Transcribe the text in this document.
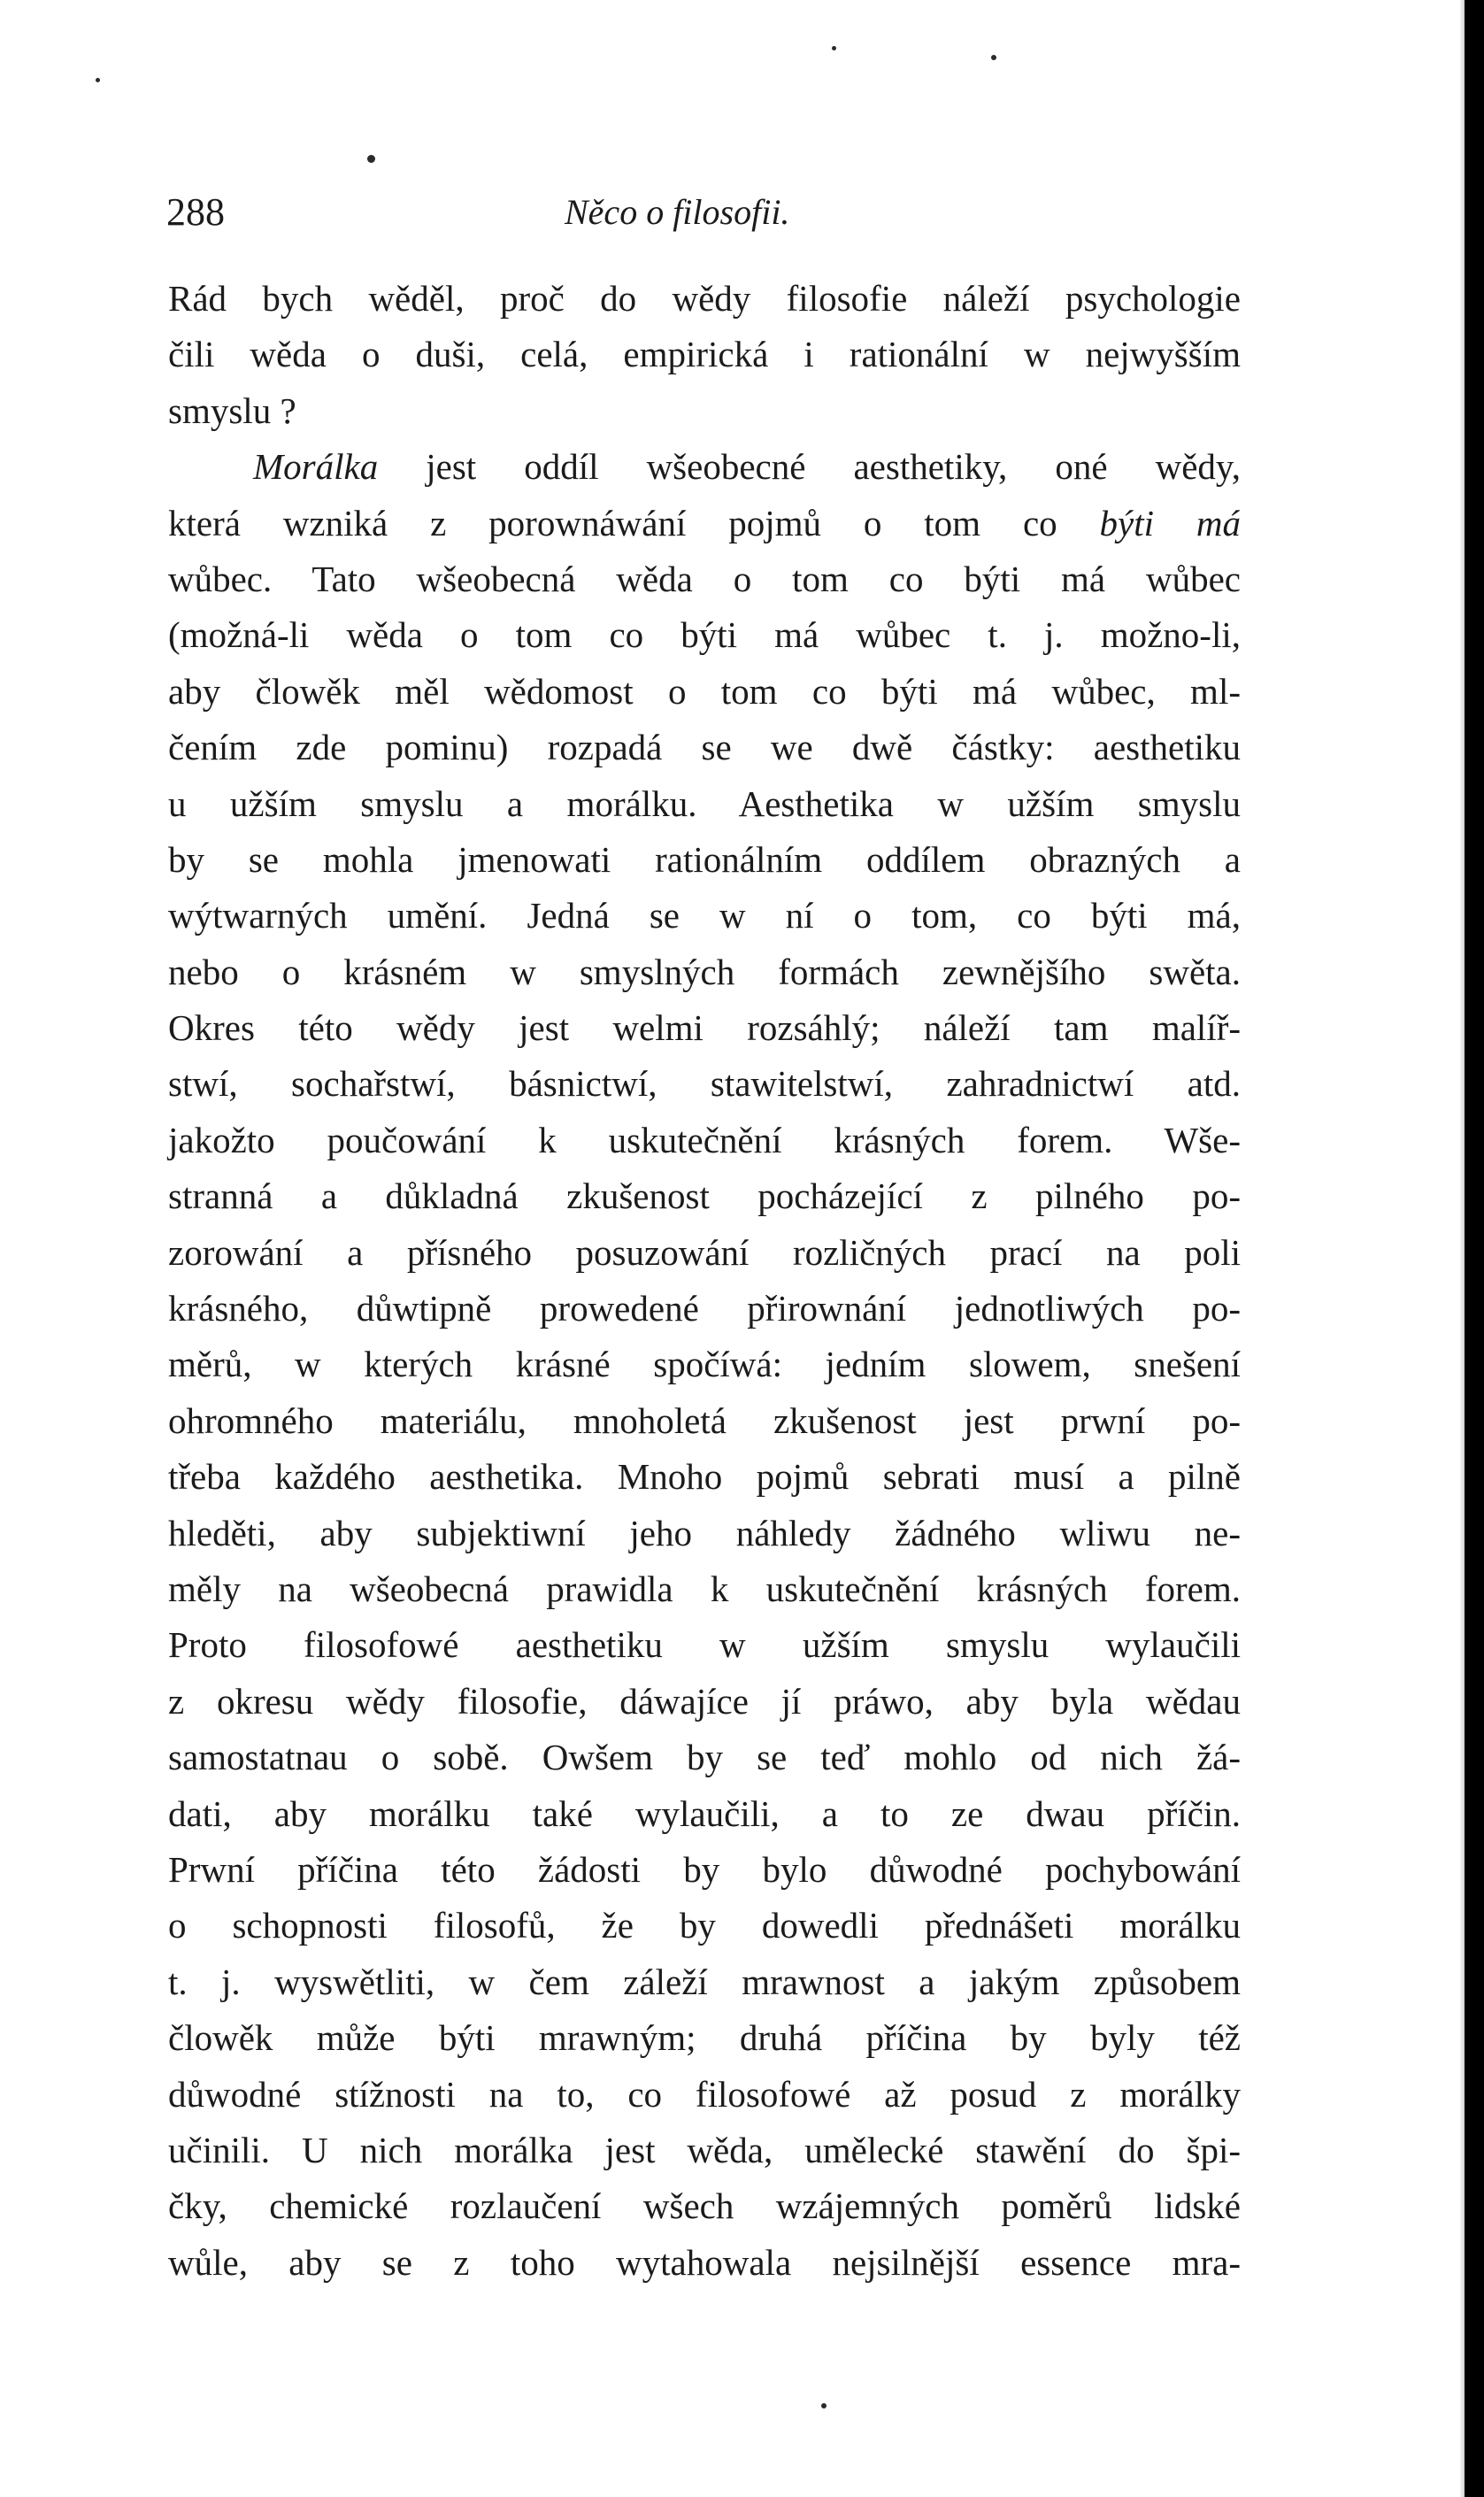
288	Něco o filosofii.
Rád bych wěděl, proč do wědy filosofie náleží psychologie
čili wěda o duši, celá, empirická i rationální w nejwyšším
smyslu ?
Morálka jest oddíl wšeobecné aesthetiky, oné wědy,
která wzniká z porownáwání pojmů o tom co býti má
wůbec. Tato wšeobecná wěda o tom co býti má wůbec
(možná-li wěda o tom co býti má wůbec t. j. možno-li,
aby člowěk měl wědomost o tom co býti má wůbec, ml-
čením zde pominu) rozpadá se we dwě částky: aesthetiku
u užším smyslu a morálku. Aesthetika w užším smyslu
by se mohla jmenowati rationálním oddílem obrazných a
wýtwarných umění. Jedná se w ní o tom, co býti má,
nebo o krásném w smyslných formách zewnějšího swěta.
Okres této wědy jest welmi rozsáhlý; náleží tam malíř-
stwí, sochařstwí, básnictwí, stawitelstwí, zahradnictwí atd.
jakožto poučowání k uskutečnění krásných forem. Wše-
stranná a důkladná zkušenost pocházející z pilného po-
zorowání a přísného posuzowání rozličných prací na poli
krásného, důwtipně prowedené přirownání jednotliwých po-
měrů, w kterých krásné spočíwá: jedním slowem, snešení
ohromného materiálu, mnoholetá zkušenost jest prwní po-
třeba každého aesthetika. Mnoho pojmů sebrati musí a pilně
hleděti, aby subjektiwní jeho náhledy žádného wliwu ne-
měly na wšeobecná prawidla k uskutečnění krásných forem.
Proto filosofowé aesthetiku w užším smyslu wylaučili
z okresu wědy filosofie, dáwajíce jí práwo, aby byla wědau
samostatnau o sobě. Owšem by se teď mohlo od nich žá-
dati, aby morálku také wylaučili, a to ze dwau příčin.
Prwní příčina této žádosti by bylo důwodné pochybowání
o schopnosti filosofů, že by dowedli přednášeti morálku
t. j. wyswětliti, w čem záleží mrawnost a jakým způsobem
člowěk může býti mrawným; druhá příčina by byly též
důwodné stížnosti na to, co filosofowé až posud z morálky
učinili. U nich morálka jest wěda, umělecké stawění do špi-
čky, chemické rozlaučení wšech wzájemných poměrů lidské
wůle, aby se z toho wytahowala nejsilnější essence mra-
